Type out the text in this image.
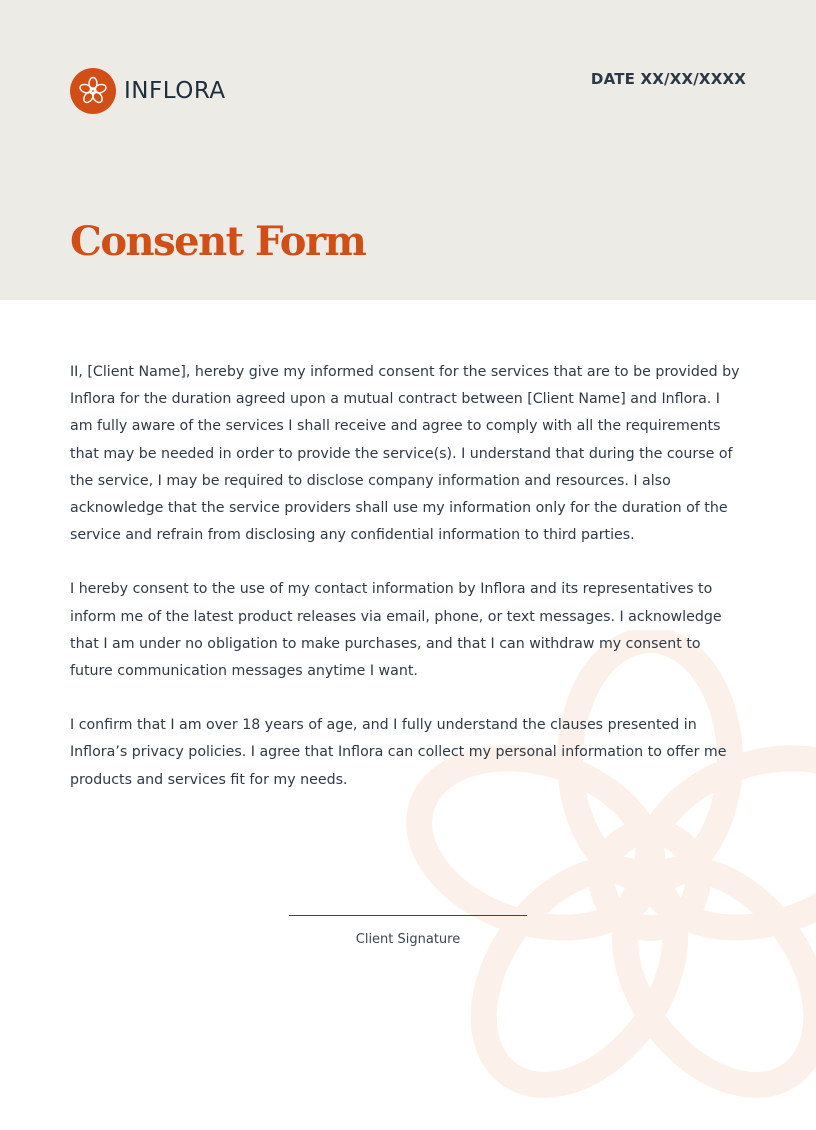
INFLORA	DATE XX/XX/XXXX
Consent Form

II, [Client Name], hereby give my informed consent for the services that are to be provided by Inflora for the duration agreed upon a mutual contract between [Client Name] and Inflora. I am fully aware of the services I shall receive and agree to comply with all the requirements that may be needed in order to provide the service(s). I understand that during the course of the service, I may be required to disclose company information and resources. I also acknowledge that the service providers shall use my information only for the duration of the service and refrain from disclosing any confidential information to third parties.

I hereby consent to the use of my contact information by Inflora and its representatives to inform me of the latest product releases via email, phone, or text messages. I acknowledge that I am under no obligation to make purchases, and that I can withdraw my consent to future communication messages anytime I want.

I confirm that I am over 18 years of age, and I fully understand the clauses presented in Inflora’s privacy policies. I agree that Inflora can collect my personal information to offer me products and services fit for my needs.

Client Signature
